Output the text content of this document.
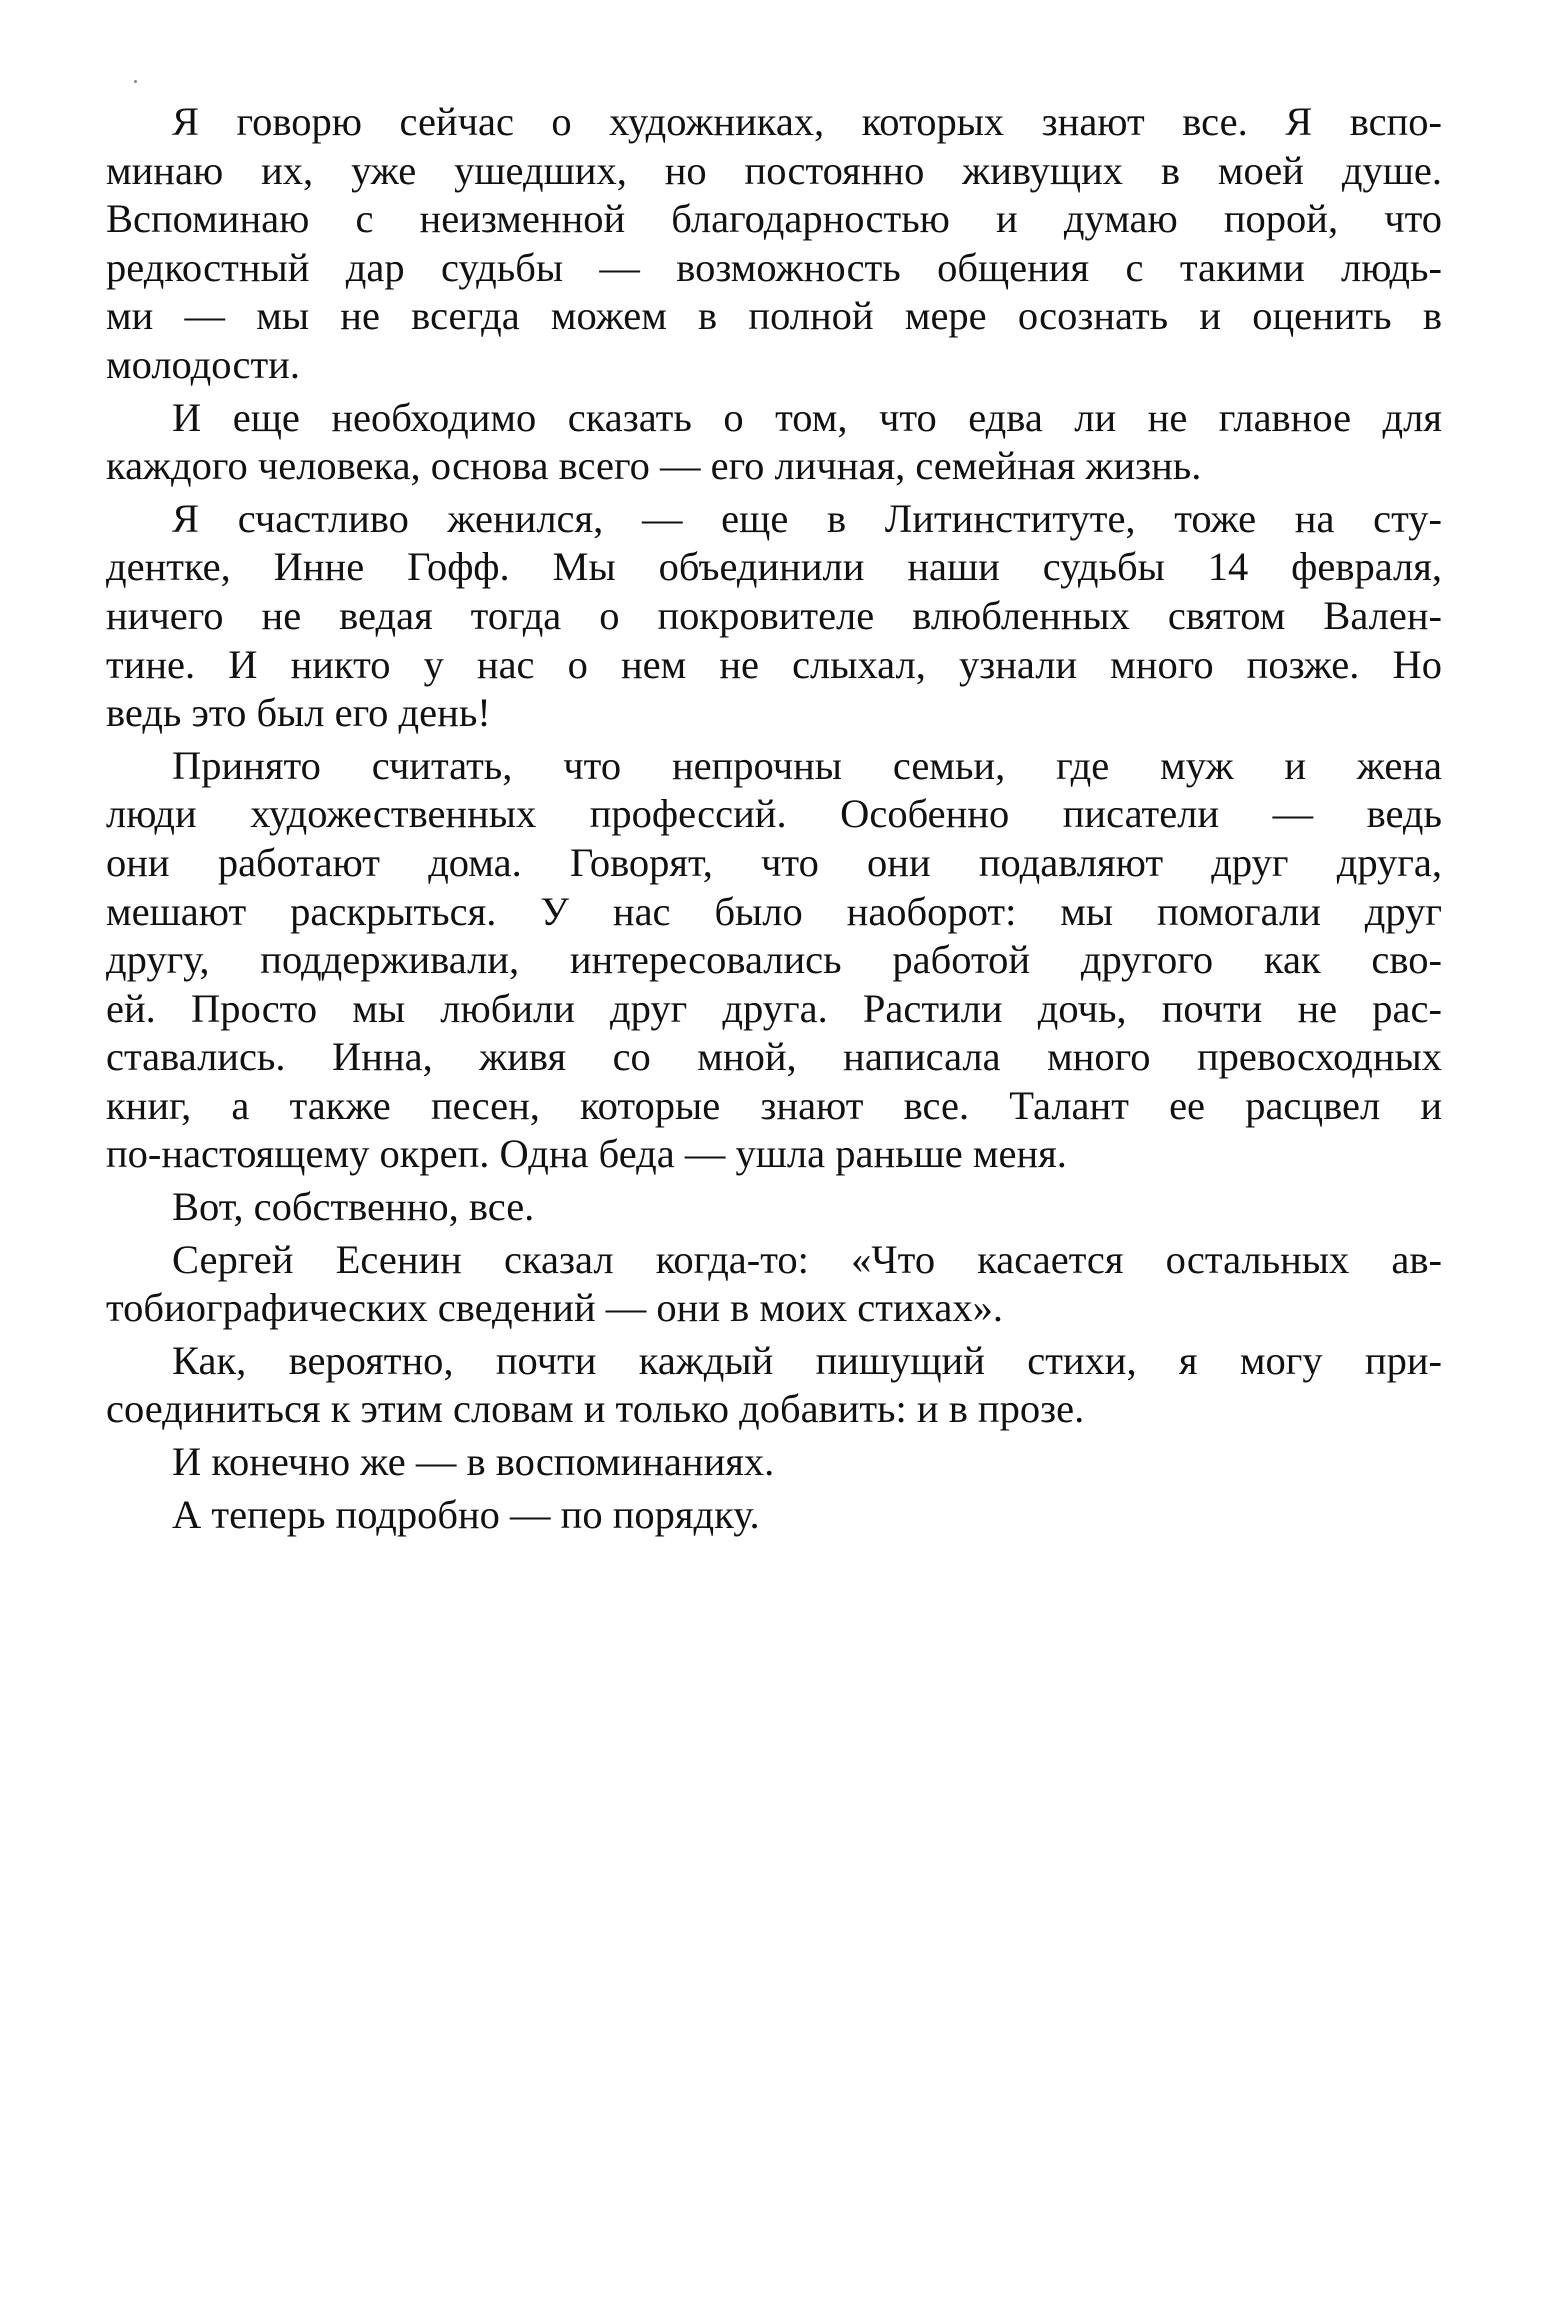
Я говорю сейчас о художниках, которых знают все. Я вспо-
минаю их, уже ушедших, но постоянно живущих в моей душе.
Вспоминаю с неизменной благодарностью и думаю порой, что
редкостный дар судьбы — возможность общения с такими людь-
ми — мы не всегда можем в полной мере осознать и оценить в
молодости.
И еще необходимо сказать о том, что едва ли не главное для
каждого человека, основа всего — его личная, семейная жизнь.
Я счастливо женился, — еще в Литинституте, тоже на сту-
дентке, Инне Гофф. Мы объединили наши судьбы 14 февраля,
ничего не ведая тогда о покровителе влюбленных святом Вален-
тине. И никто у нас о нем не слыхал, узнали много позже. Но
ведь это был его день!
Принято считать, что непрочны семьи, где муж и жена
люди художественных профессий. Особенно писатели — ведь
они работают дома. Говорят, что они подавляют друг друга,
мешают раскрыться. У нас было наоборот: мы помогали друг
другу, поддерживали, интересовались работой другого как сво-
ей. Просто мы любили друг друга. Растили дочь, почти не рас-
ставались. Инна, живя со мной, написала много превосходных
книг, а также песен, которые знают все. Талант ее расцвел и
по-настоящему окреп. Одна беда — ушла раньше меня.
Вот, собственно, все.
Сергей Есенин сказал когда-то: «Что касается остальных ав-
тобиографических сведений — они в моих стихах».
Как, вероятно, почти каждый пишущий стихи, я могу при-
соединиться к этим словам и только добавить: и в прозе.
И конечно же — в воспоминаниях.
А теперь подробно — по порядку.
